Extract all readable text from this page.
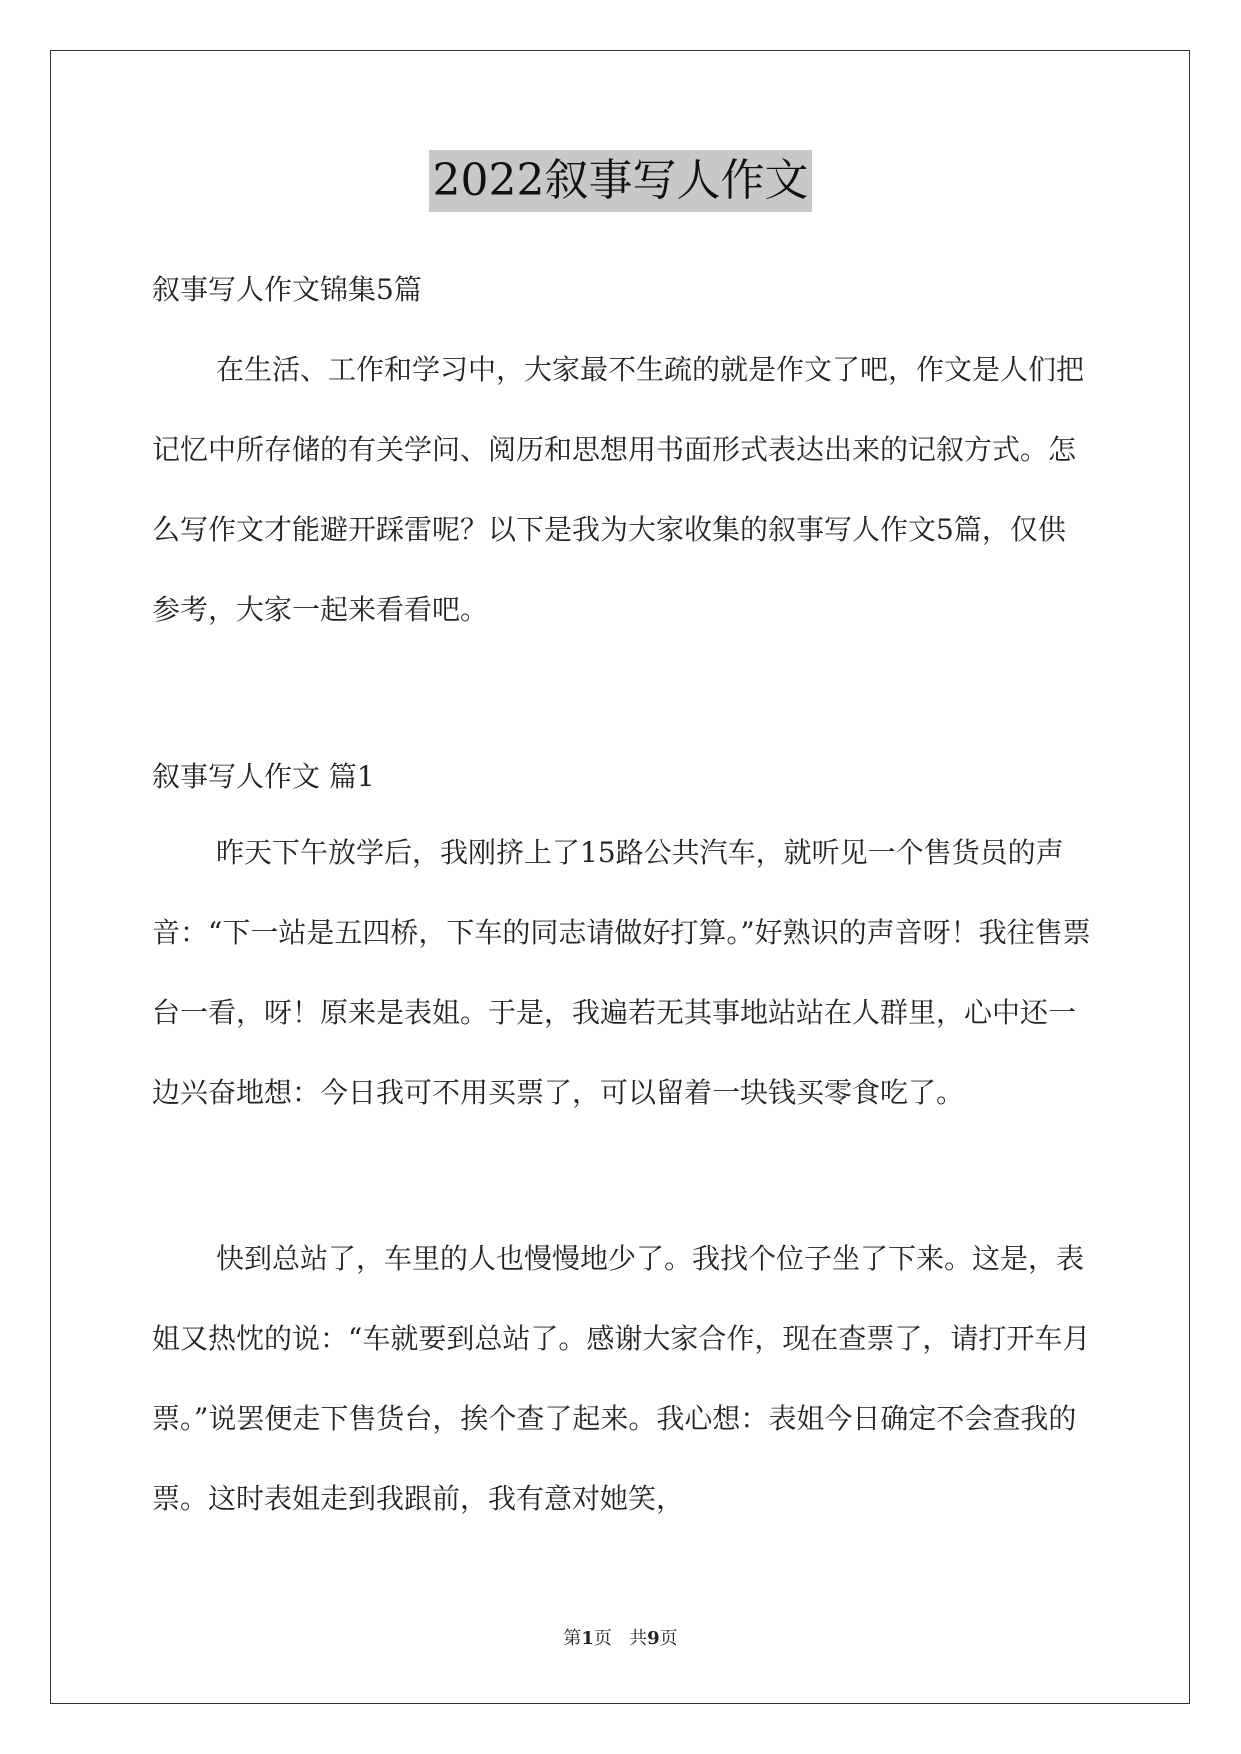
2022叙事写人作文
叙事写人作文锦集5篇

在生活、工作和学习中，大家最不生疏的就是作文了吧，作文是人们把记忆中所存储的有关学问、阅历和思想用书面形式表达出来的记叙方式。怎么写作文才能避开踩雷呢？以下是我为大家收集的叙事写人作文5篇，仅供参考，大家一起来看看吧。

叙事写人作文 篇1

昨天下午放学后，我刚挤上了15路公共汽车，就听见一个售货员的声音：“下一站是五四桥，下车的同志请做好打算。”好熟识的声音呀！我往售票台一看，呀！原来是表姐。于是，我遍若无其事地站站在人群里，心中还一边兴奋地想：今日我可不用买票了，可以留着一块钱买零食吃了。

快到总站了，车里的人也慢慢地少了。我找个位子坐了下来。这是，表姐又热忱的说：“车就要到总站了。感谢大家合作，现在查票了，请打开车月票。”说罢便走下售货台，挨个查了起来。我心想：表姐今日确定不会查我的票。这时表姐走到我跟前，我有意对她笑，

第1页 共9页
